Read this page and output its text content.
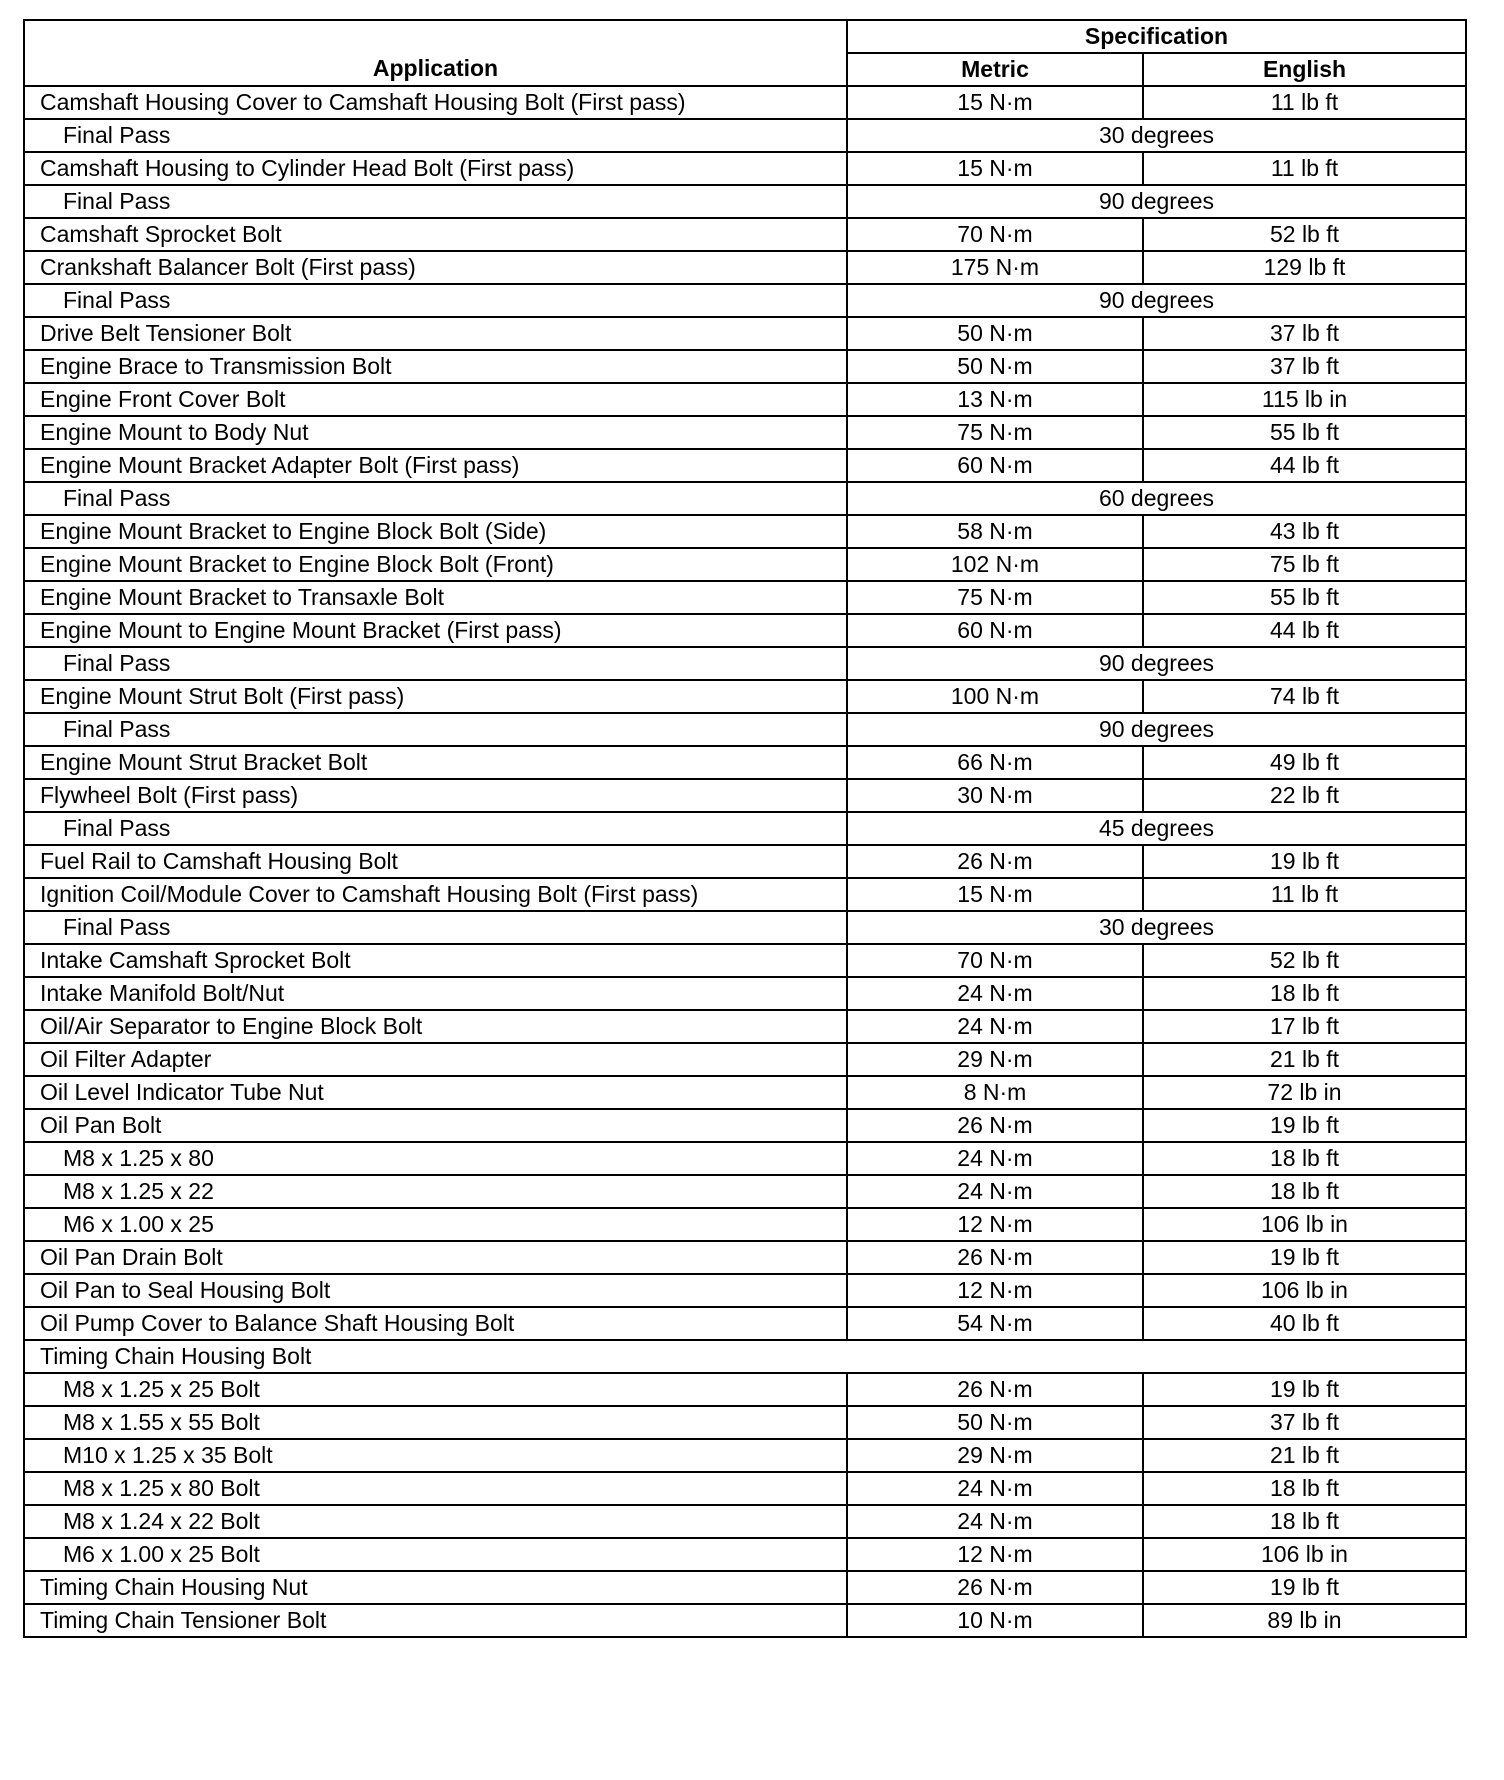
Application	Specification	
	Metric	English
Camshaft Housing Cover to Camshaft Housing Bolt (First pass)	15 N·m	11 lb ft
Final Pass	30 degrees	
Camshaft Housing to Cylinder Head Bolt (First pass)	15 N·m	11 lb ft
Final Pass	90 degrees	
Camshaft Sprocket Bolt	70 N·m	52 lb ft
Crankshaft Balancer Bolt (First pass)	175 N·m	129 lb ft
Final Pass	90 degrees	
Drive Belt Tensioner Bolt	50 N·m	37 lb ft
Engine Brace to Transmission Bolt	50 N·m	37 lb ft
Engine Front Cover Bolt	13 N·m	115 lb in
Engine Mount to Body Nut	75 N·m	55 lb ft
Engine Mount Bracket Adapter Bolt (First pass)	60 N·m	44 lb ft
Final Pass	60 degrees	
Engine Mount Bracket to Engine Block Bolt (Side)	58 N·m	43 lb ft
Engine Mount Bracket to Engine Block Bolt (Front)	102 N·m	75 lb ft
Engine Mount Bracket to Transaxle Bolt	75 N·m	55 lb ft
Engine Mount to Engine Mount Bracket (First pass)	60 N·m	44 lb ft
Final Pass	90 degrees	
Engine Mount Strut Bolt (First pass)	100 N·m	74 lb ft
Final Pass	90 degrees	
Engine Mount Strut Bracket Bolt	66 N·m	49 lb ft
Flywheel Bolt (First pass)	30 N·m	22 lb ft
Final Pass	45 degrees	
Fuel Rail to Camshaft Housing Bolt	26 N·m	19 lb ft
Ignition Coil/Module Cover to Camshaft Housing Bolt (First pass)	15 N·m	11 lb ft
Final Pass	30 degrees	
Intake Camshaft Sprocket Bolt	70 N·m	52 lb ft
Intake Manifold Bolt/Nut	24 N·m	18 lb ft
Oil/Air Separator to Engine Block Bolt	24 N·m	17 lb ft
Oil Filter Adapter	29 N·m	21 lb ft
Oil Level Indicator Tube Nut	8 N·m	72 lb in
Oil Pan Bolt	26 N·m	19 lb ft
M8 x 1.25 x 80	24 N·m	18 lb ft
M8 x 1.25 x 22	24 N·m	18 lb ft
M6 x 1.00 x 25	12 N·m	106 lb in
Oil Pan Drain Bolt	26 N·m	19 lb ft
Oil Pan to Seal Housing Bolt	12 N·m	106 lb in
Oil Pump Cover to Balance Shaft Housing Bolt	54 N·m	40 lb ft
Timing Chain Housing Bolt		
M8 x 1.25 x 25 Bolt	26 N·m	19 lb ft
M8 x 1.55 x 55 Bolt	50 N·m	37 lb ft
M10 x 1.25 x 35 Bolt	29 N·m	21 lb ft
M8 x 1.25 x 80 Bolt	24 N·m	18 lb ft
M8 x 1.24 x 22 Bolt	24 N·m	18 lb ft
M6 x 1.00 x 25 Bolt	12 N·m	106 lb in
Timing Chain Housing Nut	26 N·m	19 lb ft
Timing Chain Tensioner Bolt	10 N·m	89 lb in
